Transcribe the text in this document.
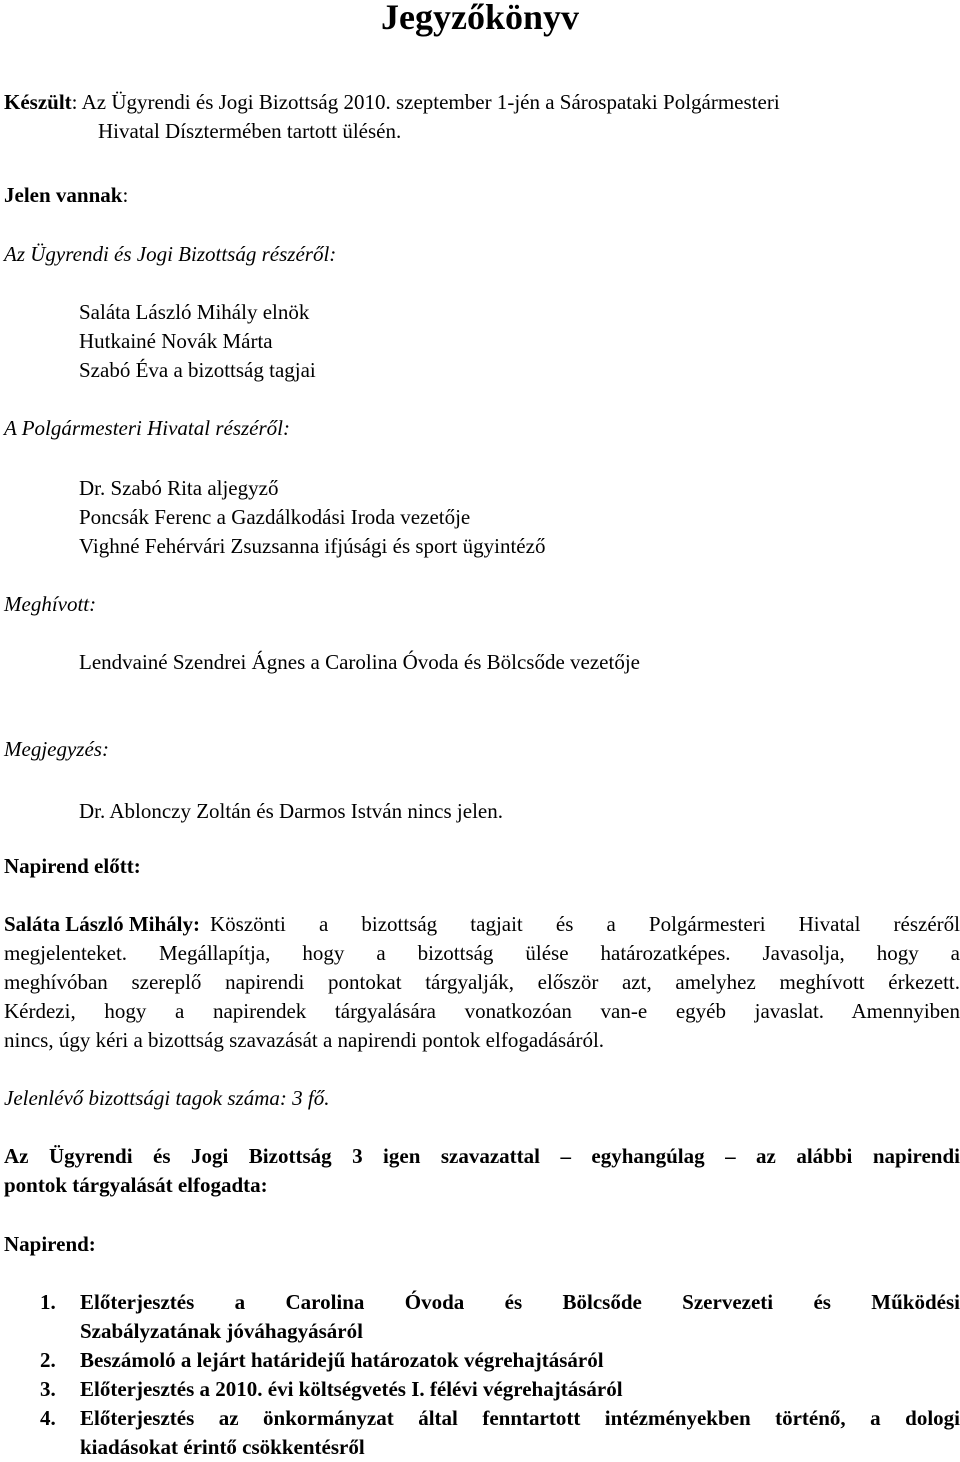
Jegyzőkönyv
Készült: Az Ügyrendi és Jogi Bizottság 2010. szeptember 1-jén a Sárospataki Polgármesteri
Hivatal Dísztermében tartott ülésén.
Jelen vannak:
Az Ügyrendi és Jogi Bizottság részéről:
Saláta László Mihály elnök
Hutkainé Novák Márta
Szabó Éva a bizottság tagjai
A Polgármesteri Hivatal részéről:
Dr. Szabó Rita aljegyző
Poncsák Ferenc a Gazdálkodási Iroda vezetője
Vighné Fehérvári Zsuzsanna ifjúsági és sport ügyintéző
Meghívott:
Lendvainé Szendrei Ágnes a Carolina Óvoda és Bölcsőde vezetője
Megjegyzés:
Dr. Ablonczy Zoltán és Darmos István nincs jelen.
Napirend előtt:
Saláta László Mihály: Köszönti a bizottság tagjait és a Polgármesteri Hivatal részéről
megjelenteket. Megállapítja, hogy a bizottság ülése határozatképes. Javasolja, hogy a
meghívóban szereplő napirendi pontokat tárgyalják, először azt, amelyhez meghívott érkezett.
Kérdezi, hogy a napirendek tárgyalására vonatkozóan van-e egyéb javaslat. Amennyiben
nincs, úgy kéri a bizottság szavazását a napirendi pontok elfogadásáról.
Jelenlévő bizottsági tagok száma: 3 fő.
Az Ügyrendi és Jogi Bizottság 3 igen szavazattal – egyhangúlag – az alábbi napirendi
pontok tárgyalását elfogadta:
Napirend:
1. Előterjesztés a Carolina Óvoda és Bölcsőde Szervezeti és Működési
Szabályzatának jóváhagyásáról
2. Beszámoló a lejárt határidejű határozatok végrehajtásáról
3. Előterjesztés a 2010. évi költségvetés I. félévi végrehajtásáról
4. Előterjesztés az önkormányzat által fenntartott intézményekben történő, a dologi
kiadásokat érintő csökkentésről
